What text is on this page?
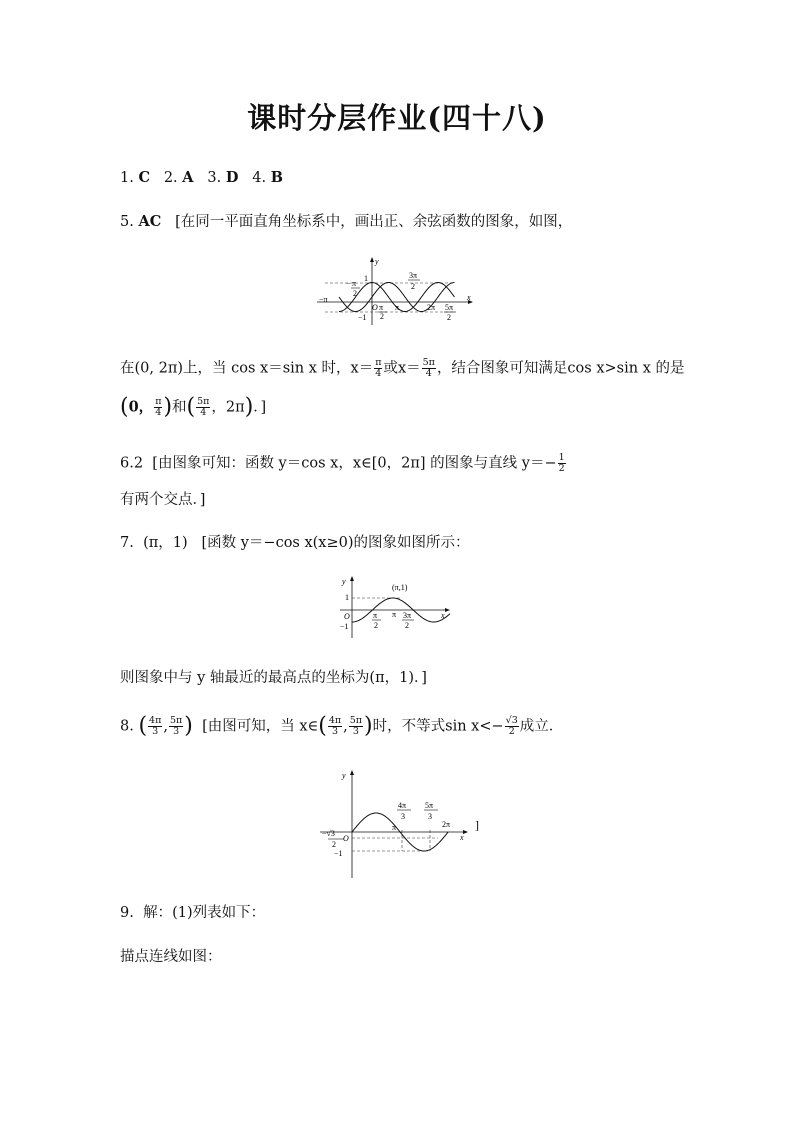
课时分层作业(四十八)
1. C 2. A 3. D 4. B
5. AC [在同一平面直角坐标系中，画出正、余弦函数的图象，如图，
y
x
1
−1
O
−π
π	2π
π
−
2
π
2
3π
2
5π
2
在(0, 2π)上，当 cos x＝sin x 时，$x= \frac{\pi}{4}$ 或$x= \frac{5\pi}{4}$ ，结合图象可知满足cos x>sin x 的是
(0， $\frac{\pi}{4}$ )和( $\frac{5\pi}{4}$ ，2π)．]
6.2 [由图象可知：函数 y＝cos x，x∈[0，2π] 的图象与直线 $y=- \frac{1}{2}$
有两个交点．]
7. (π，1) [函数 y＝−cos x(x≥0)的图象如图所示：
y
x
1
−1
O
(π,1)
π
2
π 3π
2
则图象中与 y 轴最近的最高点的坐标为(π，1)．]
8. ( $\frac{4\pi}{3}$ , $\frac{5\pi}{3}$ ) [由图可知，当 x∈( $\frac{4\pi}{3}$ , $\frac{5\pi}{3}$ )时，不等式$\sin x<- \frac{√3}{2}$ 成立．
y
x
O
π	2π
4π
3
5π
3
−√3
2
−1
]
9. 解：(1)列表如下：
描点连线如图：
